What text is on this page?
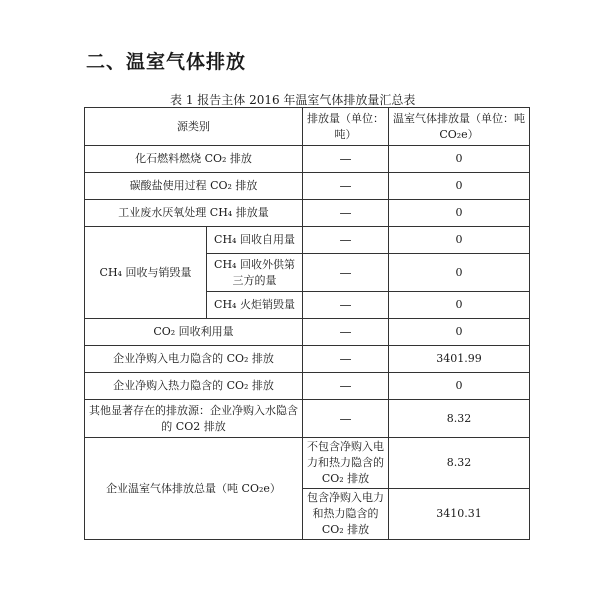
二、温室气体排放

表 1 报告主体 2016 年温室气体排放量汇总表

源类别		排放量（单位：吨）	温室气体排放量（单位：吨 CO₂e）
化石燃料燃烧 CO₂ 排放		—	0
碳酸盐使用过程 CO₂ 排放		—	0
工业废水厌氧处理 CH₄ 排放量		—	0
CH₄ 回收与销毁量	CH₄ 回收自用量	—	0
	CH₄ 回收外供第三方的量	—	0
	CH₄ 火炬销毁量	—	0
CO₂ 回收利用量		—	0
企业净购入电力隐含的 CO₂ 排放		—	3401.99
企业净购入热力隐含的 CO₂ 排放		—	0
其他显著存在的排放源：企业净购入水隐含的 CO2 排放		—	8.32
企业温室气体排放总量（吨 CO₂e）		不包含净购入电力和热力隐含的 CO₂ 排放	8.32
		包含净购入电力和热力隐含的 CO₂ 排放	3410.31
